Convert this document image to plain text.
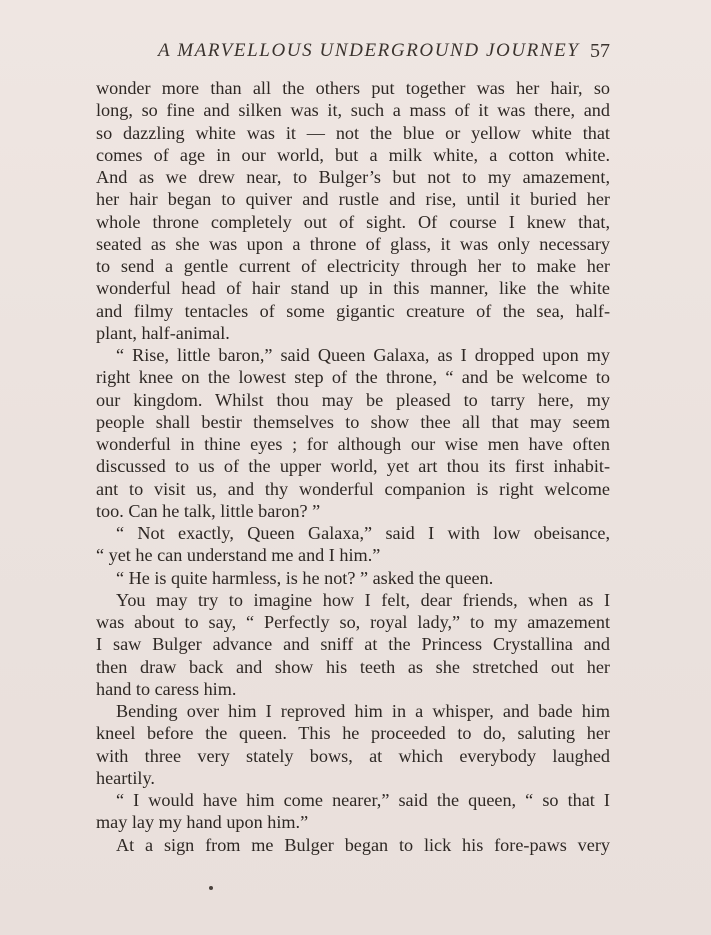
A MARVELLOUS UNDERGROUND JOURNEY 57
wonder more than all the others put together was her hair, so
long, so fine and silken was it, such a mass of it was there, and
so dazzling white was it — not the blue or yellow white that
comes of age in our world, but a milk white, a cotton white.
And as we drew near, to Bulger’s but not to my amazement,
her hair began to quiver and rustle and rise, until it buried her
whole throne completely out of sight. Of course I knew that,
seated as she was upon a throne of glass, it was only necessary
to send a gentle current of electricity through her to make her
wonderful head of hair stand up in this manner, like the white
and filmy tentacles of some gigantic creature of the sea, half-
plant, half-animal.
“ Rise, little baron,” said Queen Galaxa, as I dropped upon my
right knee on the lowest step of the throne, “ and be welcome to
our kingdom. Whilst thou may be pleased to tarry here, my
people shall bestir themselves to show thee all that may seem
wonderful in thine eyes ; for although our wise men have often
discussed to us of the upper world, yet art thou its first inhabit-
ant to visit us, and thy wonderful companion is right welcome
too. Can he talk, little baron? ”
“ Not exactly, Queen Galaxa,” said I with low obeisance,
“ yet he can understand me and I him.”
“ He is quite harmless, is he not? ” asked the queen.
You may try to imagine how I felt, dear friends, when as I
was about to say, “ Perfectly so, royal lady,” to my amazement
I saw Bulger advance and sniff at the Princess Crystallina and
then draw back and show his teeth as she stretched out her
hand to caress him.
Bending over him I reproved him in a whisper, and bade him
kneel before the queen. This he proceeded to do, saluting her
with three very stately bows, at which everybody laughed
heartily.
“ I would have him come nearer,” said the queen, “ so that I
may lay my hand upon him.”
At a sign from me Bulger began to lick his fore-paws very
